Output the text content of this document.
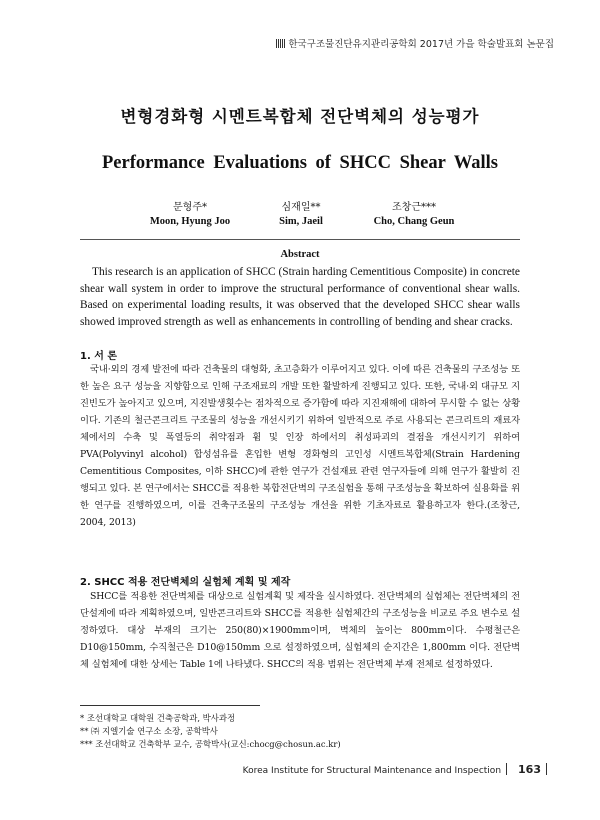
한국구조물진단유지관리공학회 2017년 가을 학술발표회 논문집
변형경화형 시멘트복합체 전단벽체의 성능평가
Performance Evaluations of SHCC Shear Walls
문형주*
Moon, Hyung Joo
심재일**
Sim, Jaeil
조창근***
Cho, Chang Geun
Abstract

This research is an application of SHCC (Strain harding Cementitious Composite) in concrete shear wall system in order to improve the structural performance of conventional shear walls. Based on experimental loading results, it was observed that the developed SHCC shear walls showed improved strength as well as enhancements in controlling of bending and shear cracks.

1. 서 론

국내·외의 경제 발전에 따라 건축물의 대형화, 초고층화가 이루어지고 있다. 이에 따른 건축물의 구조성능 또한 높은 요구 성능을 지향함으로 인해 구조재료의 개발 또한 활발하게 진행되고 있다. 또한, 국내·외 대규모 지진빈도가 높아지고 있으며, 지진발생횟수는 점차적으로 증가함에 따라 지진재해에 대하여 무시할 수 없는 상황이다. 기존의 철근콘크리트 구조물의 성능을 개선시키기 위하여 일반적으로 주로 사용되는 콘크리트의 재료자체에서의 수축 및 폭열등의 취약점과 휨 및 인장 하에서의 취성파괴의 결점을 개선시키기 위하여 PVA(Polyvinyl alcohol) 합성섬유를 혼입한 변형 경화형의 고인성 시멘트복합체(Strain Hardening Cementitious Composites, 이하 SHCC)에 관한 연구가 건설재료 관련 연구자들에 의해 연구가 활발히 진행되고 있다. 본 연구에서는 SHCC를 적용한 복합전단벽의 구조실험을 통해 구조성능을 확보하여 실용화를 위한 연구를 진행하였으며, 이를 건축구조물의 구조성능 개선을 위한 기초자료로 활용하고자 한다.(조창근, 2004, 2013)

2. SHCC 적용 전단벽체의 실험체 계획 및 제작

SHCC를 적용한 전단벽체를 대상으로 실험계획 및 제작을 실시하였다. 전단벽체의 실험체는 전단벽체의 전단설계에 따라 계획하였으며, 일반콘크리트와 SHCC를 적용한 실험체간의 구조성능을 비교로 주요 변수로 설정하였다. 대상 부재의 크기는 250(80)×1900mm이며, 벽체의 높이는 800mm이다. 수평철근은 D10@150mm, 수직철근은 D10@150mm 으로 설정하였으며, 실험체의 순지간은 1,800mm 이다. 전단벽체 실험체에 대한 상세는 Table 1에 나타냈다. SHCC의 적용 범위는 전단벽체 부재 전체로 설정하였다.

* 조선대학교 대학원 건축공학과, 박사과정
** ㈜ 지엘기술 연구소 소장, 공학박사
*** 조선대학교 건축학부 교수, 공학박사(교신:chocg@chosun.ac.kr)
Korea Institute for Structural Maintenance and Inspection 163
